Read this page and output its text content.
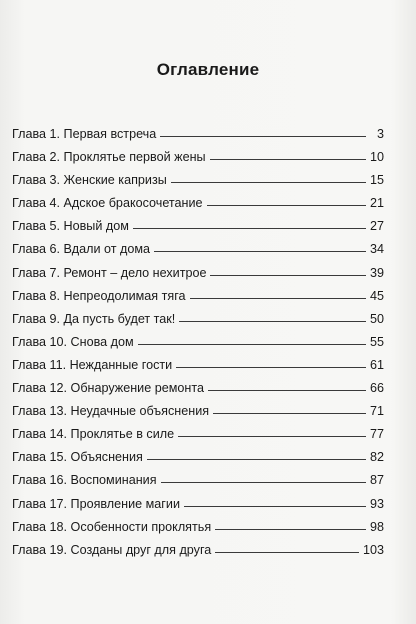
Оглавление
Глава 1. Первая встреча	3
Глава 2. Проклятье первой жены	10
Глава 3. Женские капризы	15
Глава 4. Адское бракосочетание	21
Глава 5. Новый дом	27
Глава 6. Вдали от дома	34
Глава 7. Ремонт – дело нехитрое	39
Глава 8. Непреодолимая тяга	45
Глава 9. Да пусть будет так!	50
Глава 10. Снова дом	55
Глава 11. Нежданные гости	61
Глава 12. Обнаружение ремонта	66
Глава 13. Неудачные объяснения	71
Глава 14. Проклятье в силе	77
Глава 15. Объяснения	82
Глава 16. Воспоминания	87
Глава 17. Проявление магии	93
Глава 18. Особенности проклятья	98
Глава 19. Созданы друг для друга	103
